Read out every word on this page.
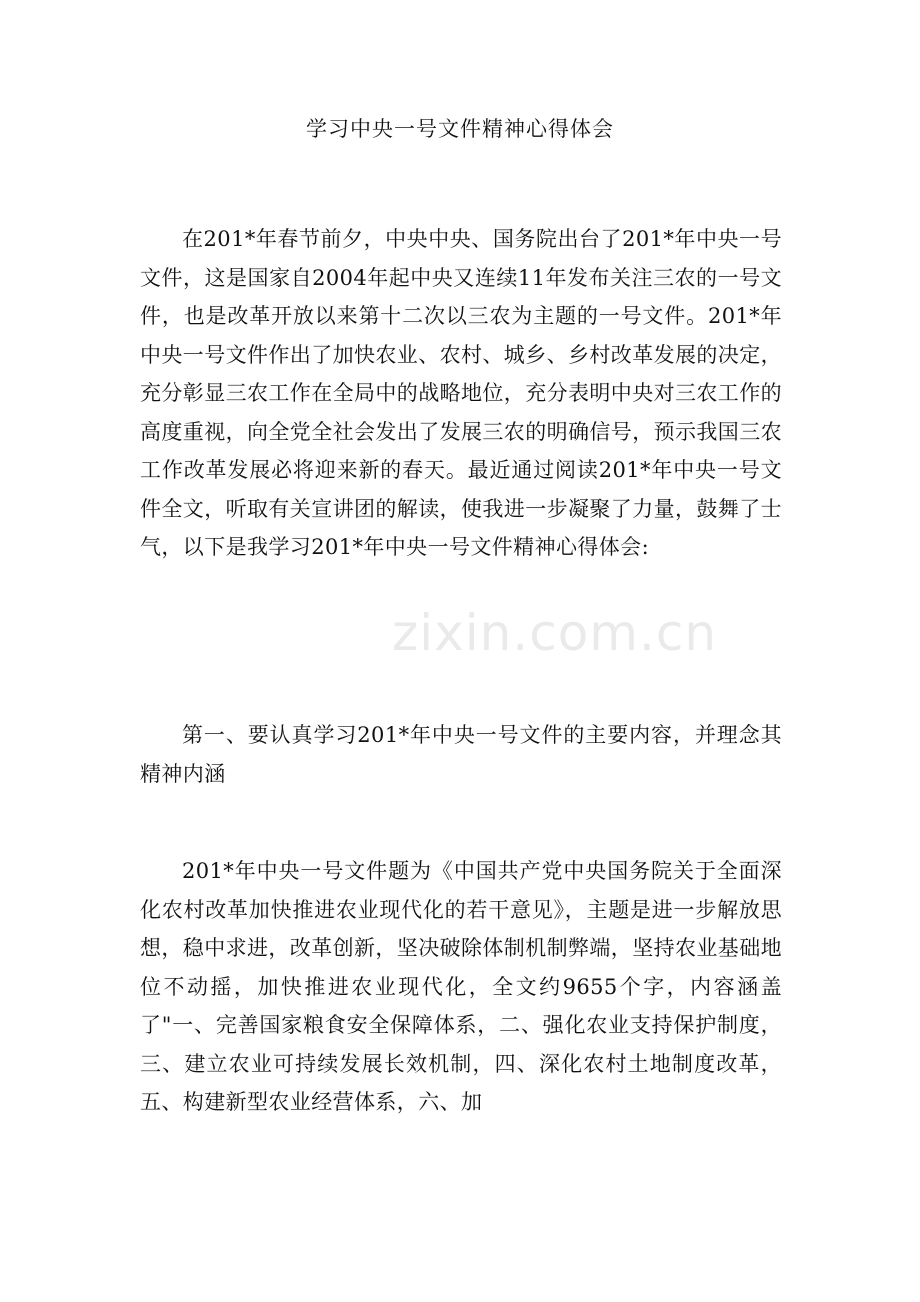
学习中央一号文件精神心得体会

在201*年春节前夕，中央中央、国务院出台了201*年中央一号文件，这是国家自2004年起中央又连续11年发布关注三农的一号文件，也是改革开放以来第十二次以三农为主题的一号文件。201*年中央一号文件作出了加快农业、农村、城乡、乡村改革发展的决定，充分彰显三农工作在全局中的战略地位，充分表明中央对三农工作的高度重视，向全党全社会发出了发展三农的明确信号，预示我国三农工作改革发展必将迎来新的春天。最近通过阅读201*年中央一号文件全文，听取有关宣讲团的解读，使我进一步凝聚了力量，鼓舞了士气，以下是我学习201*年中央一号文件精神心得体会:

第一、要认真学习201*年中央一号文件的主要内容，并理念其精神内涵

201*年中央一号文件题为《中国共产党中央国务院关于全面深化农村改革加快推进农业现代化的若干意见》，主题是进一步解放思想，稳中求进，改革创新，坚决破除体制机制弊端，坚持农业基础地位不动摇，加快推进农业现代化，全文约9655个字，内容涵盖了"一、完善国家粮食安全保障体系，二、强化农业支持保护制度，三、建立农业可持续发展长效机制，四、深化农村土地制度改革，五、构建新型农业经营体系，六、加

zixin.com.cn
